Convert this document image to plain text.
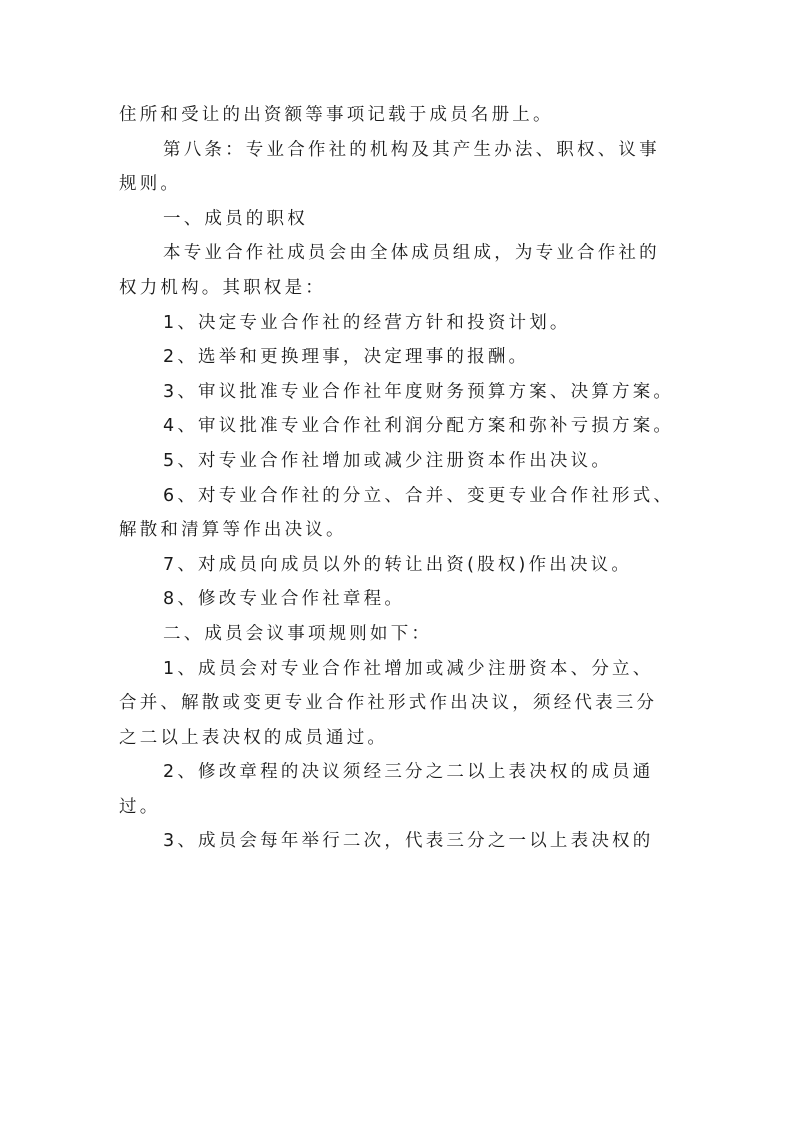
住所和受让的出资额等事项记载于成员名册上。

第八条：专业合作社的机构及其产生办法、职权、议事

规则。

一、成员的职权

本专业合作社成员会由全体成员组成，为专业合作社的

权力机构。其职权是：

1、决定专业合作社的经营方针和投资计划。

2、选举和更换理事，决定理事的报酬。

3、审议批准专业合作社年度财务预算方案、决算方案。

4、审议批准专业合作社利润分配方案和弥补亏损方案。

5、对专业合作社增加或减少注册资本作出决议。

6、对专业合作社的分立、合并、变更专业合作社形式、

解散和清算等作出决议。

7、对成员向成员以外的转让出资(股权)作出决议。

8、修改专业合作社章程。

二、成员会议事项规则如下：

1、成员会对专业合作社增加或减少注册资本、分立、

合并、解散或变更专业合作社形式作出决议，须经代表三分

之二以上表决权的成员通过。

2、修改章程的决议须经三分之二以上表决权的成员通

过。

3、成员会每年举行二次，代表三分之一以上表决权的
